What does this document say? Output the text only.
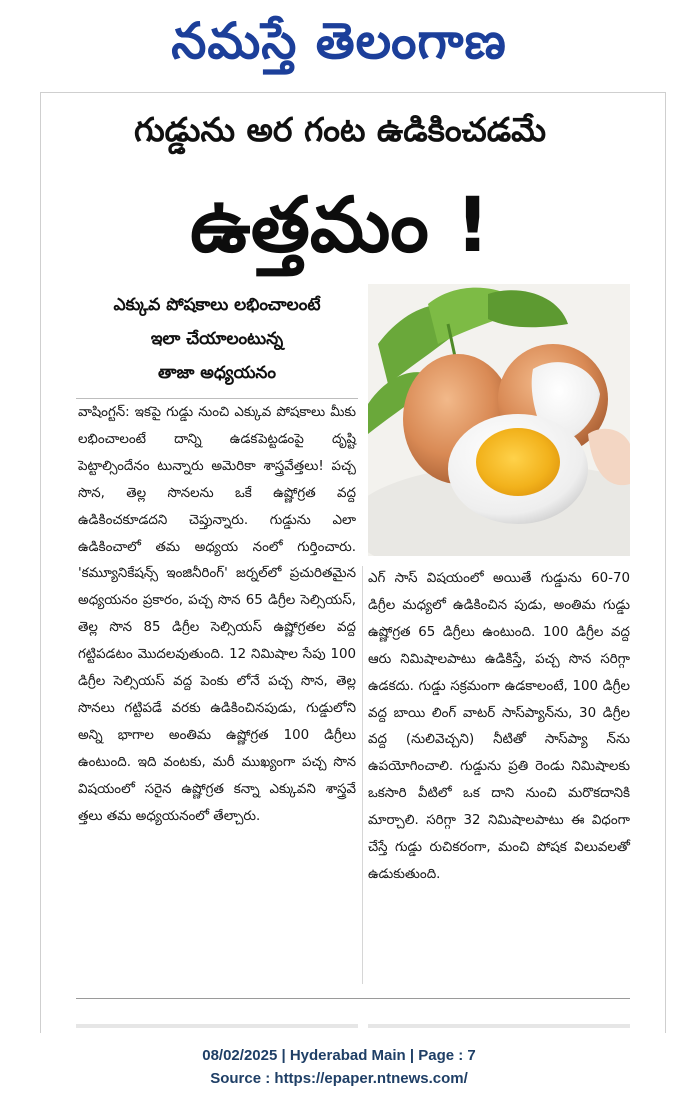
నమస్తే తెలంగాణ
గుడ్డును అర గంట ఉడికించడమే
ఉత్తమం !
ఎక్కువ పోషకాలు లభించాలంటే
ఇలా చేయాలంటున్న
తాజా అధ్యయనం
వాషింగ్టన్: ఇకపై గుడ్డు నుంచి ఎక్కువ పోషకాలు మీకు లభించాలంటే దాన్ని ఉడకపెట్టడంపై దృష్టి పెట్టాల్సిందేనం టున్నారు అమెరికా శాస్త్రవేత్తలు! పచ్చ సొన, తెల్ల సొనలను ఒకే ఉష్ణోగ్రత వద్ద ఉడికించకూడదని చెప్తున్నారు. గుడ్డును ఎలా ఉడికించాలో తమ అధ్యయ నంలో గుర్తించారు. 'కమ్యూనికేషన్స్ ఇంజినీరింగ్' జర్నల్‌లో ప్రచురితమైన అధ్యయనం ప్రకారం, పచ్చ సొన 65 డిగ్రీల సెల్సియస్, తెల్ల సొన 85 డిగ్రీల సెల్సియస్ ఉష్ణోగ్రతల వద్ద గట్టిపడటం మొదలవుతుంది. 12 నిమిషాల సేపు 100 డిగ్రీల సెల్సియస్ వద్ద పెంకు లోనే పచ్చ సొన, తెల్ల సొనలు గట్టిపడే వరకు ఉడికించినపుడు, గుడ్డులోని అన్ని భాగాల అంతిమ ఉష్ణోగ్రత 100 డిగ్రీలు ఉంటుంది. ఇది వంటకు, మరీ ముఖ్యంగా పచ్చ సొన విషయంలో సరైన ఉష్ణోగ్రత కన్నా ఎక్కువని శాస్త్రవే త్తలు తమ అధ్యయనంలో తేల్చారు.
ఎగ్ సాస్ విషయంలో అయితే గుడ్డును 60-70 డిగ్రీల మధ్యలో ఉడికించిన పుడు, అంతిమ గుడ్డు ఉష్ణోగ్రత 65 డిగ్రీలు ఉంటుంది. 100 డిగ్రీల వద్ద ఆరు నిమిషాలపాటు ఉడికిస్తే, పచ్చ సొన సరిగ్గా ఉడకదు. గుడ్డు సక్రమంగా ఉడకాలంటే, 100 డిగ్రీల వద్ద బాయి లింగ్ వాటర్ సాస్‌ప్యాన్‌ను, 30 డిగ్రీల వద్ద (నులివెచ్చని) నీటితో సాస్‌ప్యా న్‌ను ఉపయోగించాలి. గుడ్డును ప్రతి రెండు నిమిషాలకు ఒకసారి వీటిలో ఒక దాని నుంచి మరొకదానికి మార్చాలి. సరిగ్గా 32 నిమిషాలపాటు ఈ విధంగా చేస్తే గుడ్డు రుచికరంగా, మంచి పోషక విలువలతో ఉడుకుతుంది.
08/02/2025 | Hyderabad Main | Page : 7
Source : https://epaper.ntnews.com/
